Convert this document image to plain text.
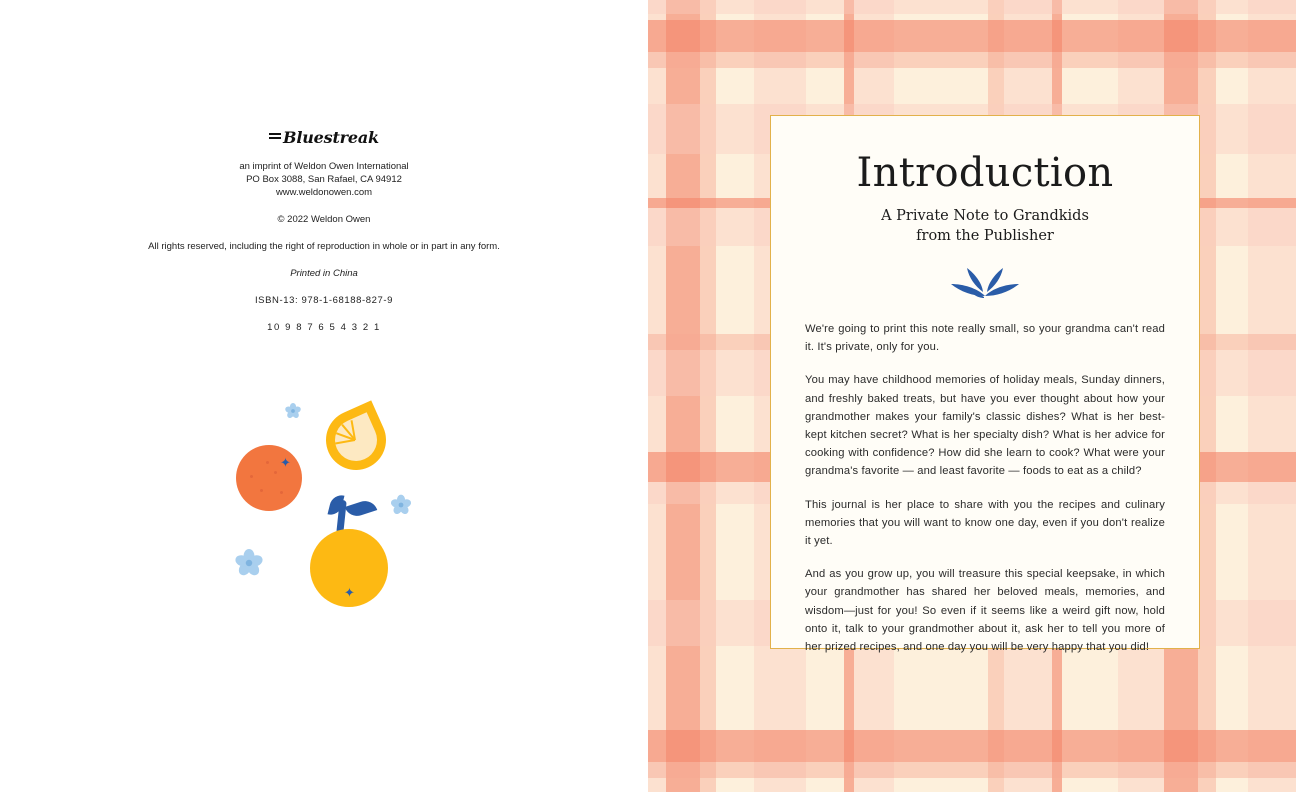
Bluestreak
an imprint of Weldon Owen International
PO Box 3088, San Rafael, CA 94912
www.weldonowen.com
© 2022 Weldon Owen
All rights reserved, including the right of reproduction in whole or in part in any form.
Printed in China
ISBN-13: 978-1-68188-827-9
10 9 8 7 6 5 4 3 2 1
✦
✦
Introduction
A Private Note to Grandkids
from the Publisher

We're going to print this note really small, so your grandma can't read it. It's private, only for you.

You may have childhood memories of holiday meals, Sunday dinners, and freshly baked treats, but have you ever thought about how your grandmother makes your family's classic dishes? What is her best-kept kitchen secret? What is her specialty dish? What is her advice for cooking with confidence? How did she learn to cook? What were your grandma's favorite — and least favorite — foods to eat as a child?

This journal is her place to share with you the recipes and culinary memories that you will want to know one day, even if you don't realize it yet.

And as you grow up, you will treasure this special keepsake, in which your grandmother has shared her beloved meals, memories, and wisdom—just for you! So even if it seems like a weird gift now, hold onto it, talk to your grandmother about it, ask her to tell you more of her prized recipes, and one day you will be very happy that you did!
